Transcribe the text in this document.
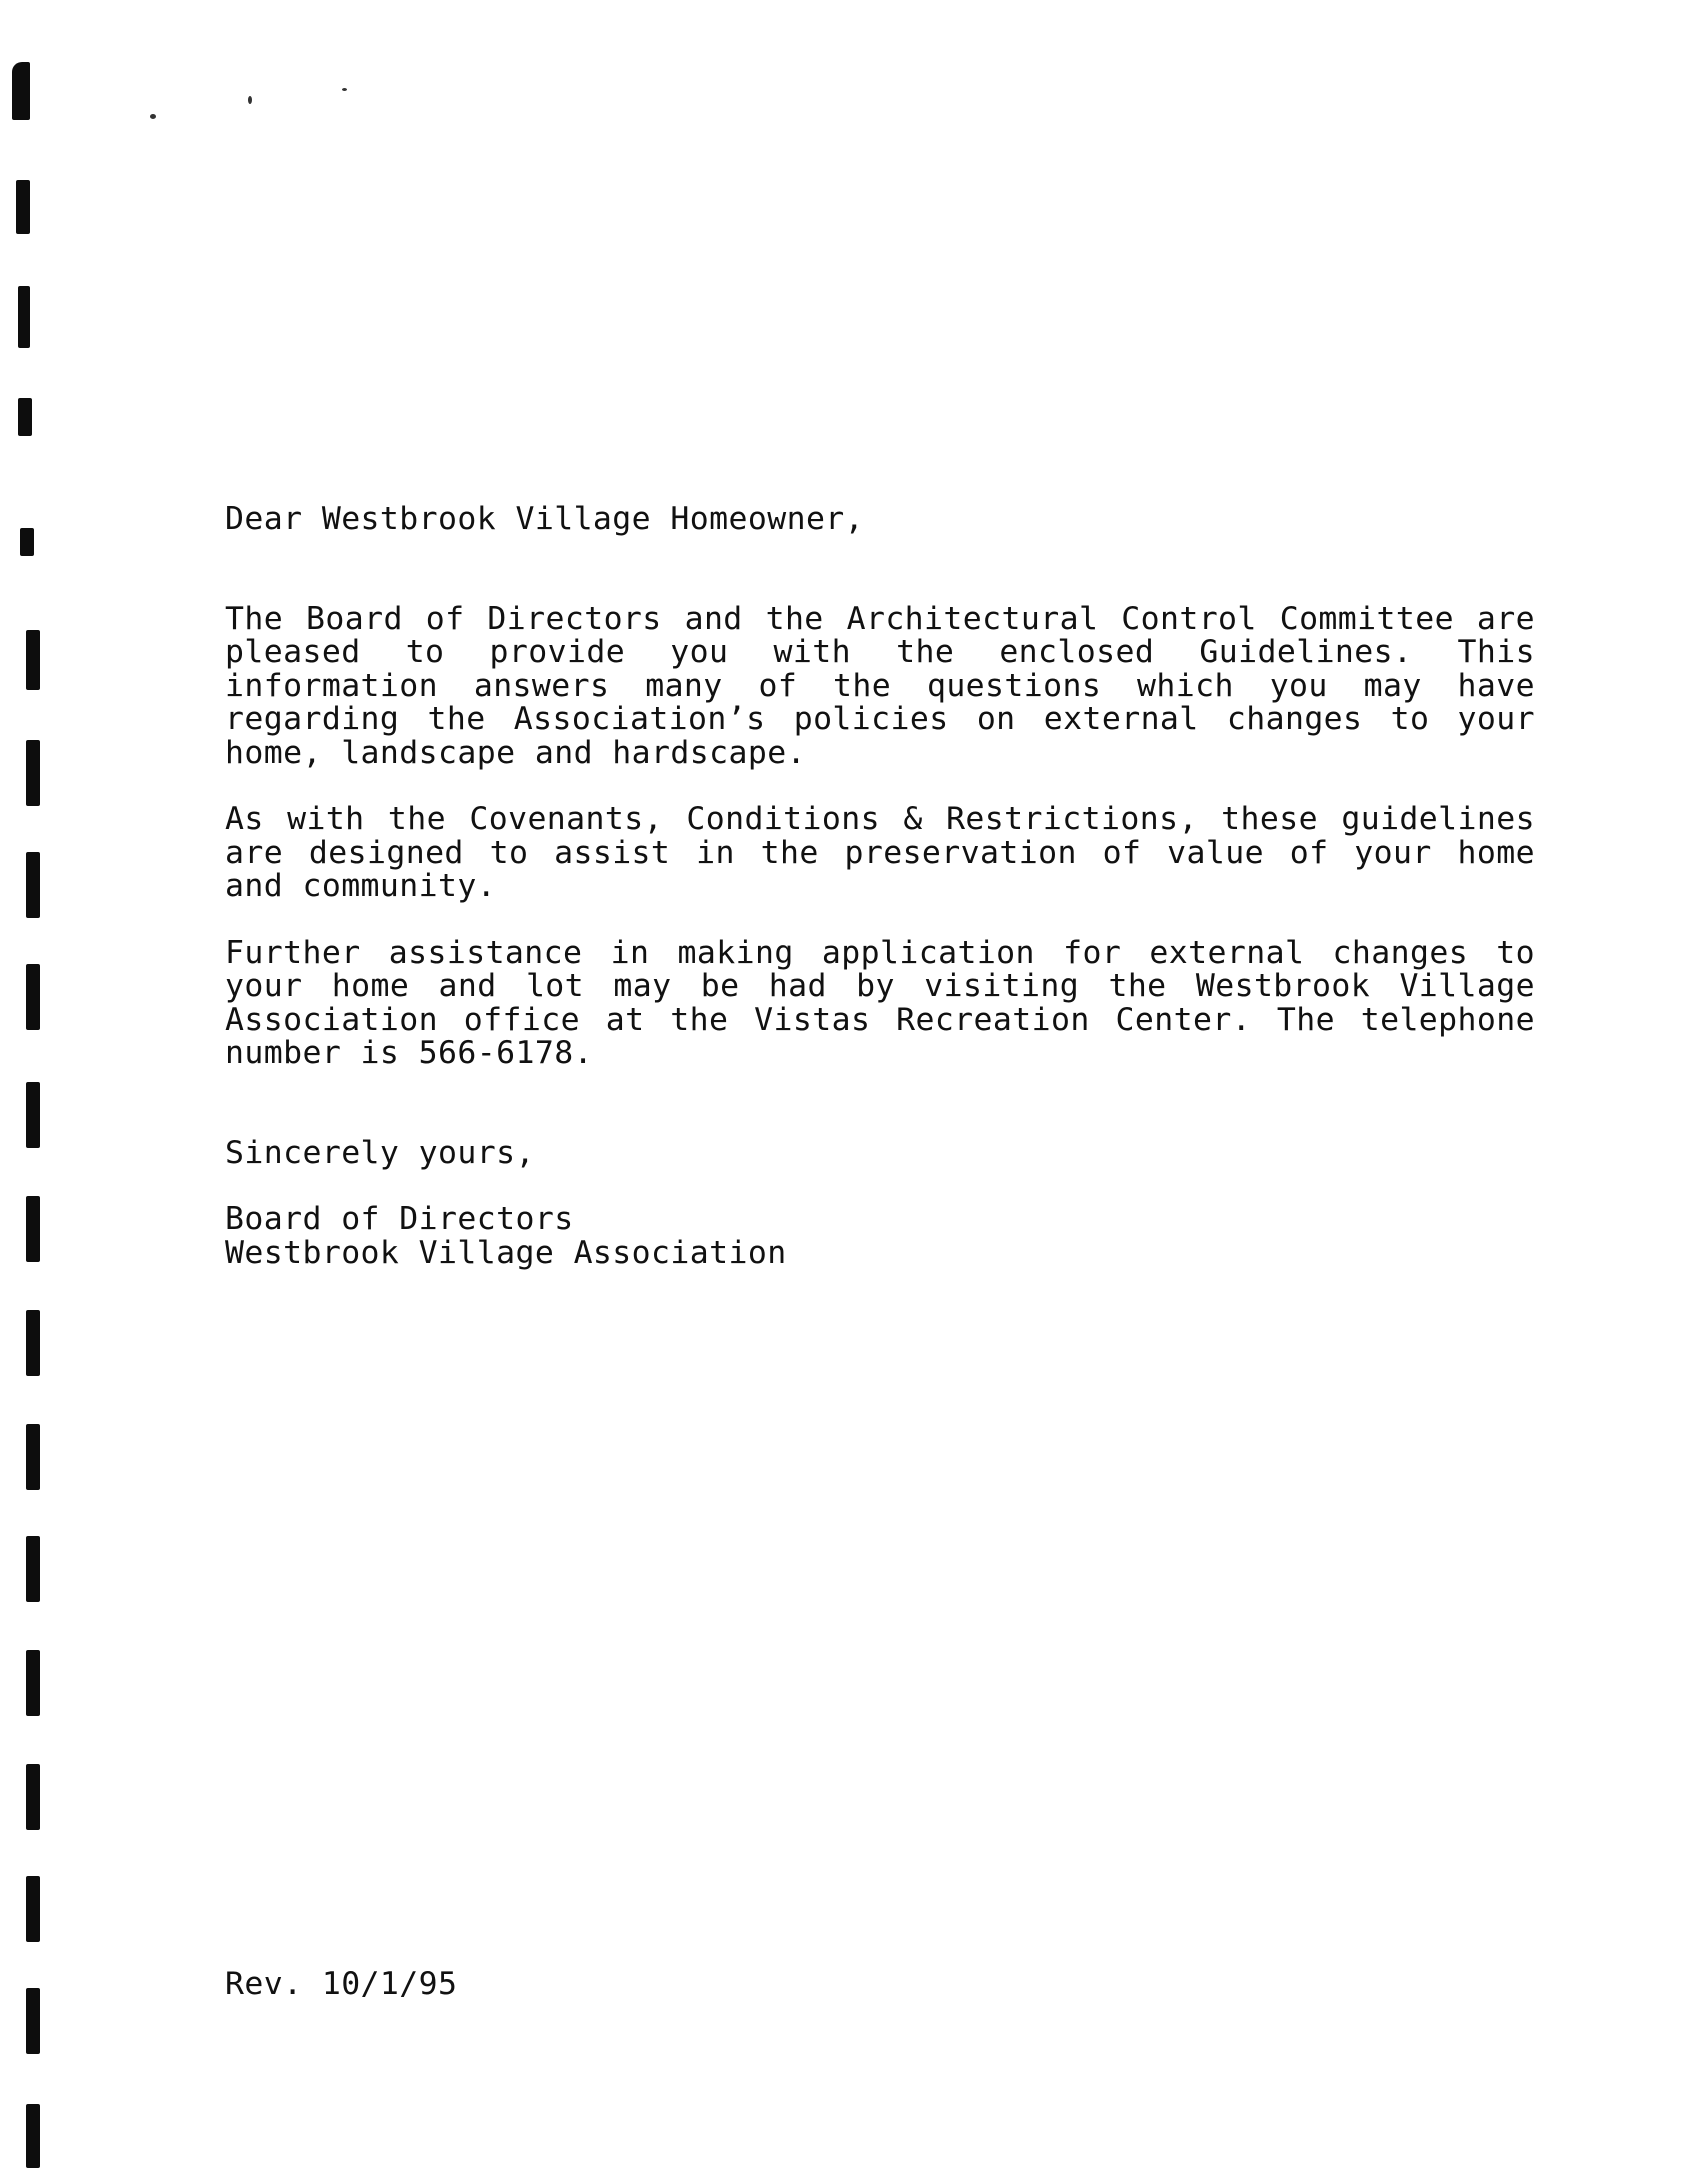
Dear Westbrook Village Homeowner,

The Board of Directors and the Architectural Control Committee are pleased to provide you with the enclosed Guidelines. This information answers many of the questions which you may have regarding the Association’s policies on external changes to your home, landscape and hardscape.

As with the Covenants, Conditions & Restrictions, these guidelines are designed to assist in the preservation of value of your home and community.

Further assistance in making application for external changes to your home and lot may be had by visiting the Westbrook Village Association office at the Vistas Recreation Center. The telephone number is 566-6178.

Sincerely yours,

Board of Directors
Westbrook Village Association

Rev. 10/1/95
